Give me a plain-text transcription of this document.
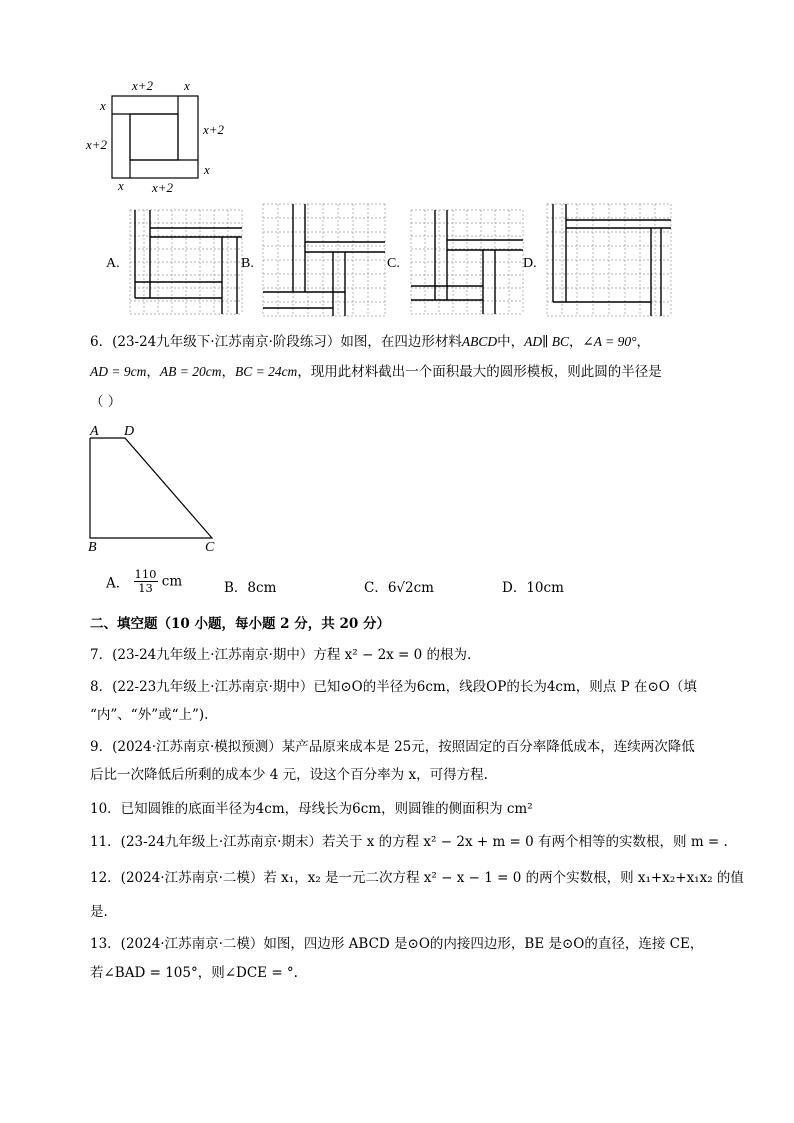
x+2 x
x
x+2
x+2
x
x x+2
A.	B.	C.	D.
6．(23-24九年级下·江苏南京·阶段练习）如图，在四边形材料ABCD中，AD∥ BC，∠A = 90°，
AD = 9cm，AB = 20cm，BC = 24cm，现用此材料截出一个面积最大的圆形模板，则此圆的半径是
（ ）
A D
B	C
A． $\frac{110}{13}$ cm	B．8cm	C．6√2cm	D．10cm
二、填空题（10 小题，每小题 2 分，共 20 分）
7．(23-24九年级上·江苏南京·期中）方程 x² − 2x = 0 的根为.
8．(22-23九年级上·江苏南京·期中）已知⊙O的半径为6cm，线段OP的长为4cm，则点 P 在⊙O（填
“内”、“外”或“上”).
9．(2024·江苏南京·模拟预测）某产品原来成本是 25元，按照固定的百分率降低成本，连续两次降低
后比一次降低后所剩的成本少 4 元，设这个百分率为 x，可得方程.
10．已知圆锥的底面半径为4cm，母线长为6cm，则圆锥的侧面积为 cm²
11．(23-24九年级上·江苏南京·期末）若关于 x 的方程 x² − 2x + m = 0 有两个相等的实数根，则 m = .
12．(2024·江苏南京·二模）若 x₁，x₂ 是一元二次方程 x² − x − 1 = 0 的两个实数根，则 x₁+x₂+x₁x₂ 的值
是.
13．(2024·江苏南京·二模）如图，四边形 ABCD 是⊙O的内接四边形，BE 是⊙O的直径，连接 CE，
若∠BAD = 105°，则∠DCE = °.
